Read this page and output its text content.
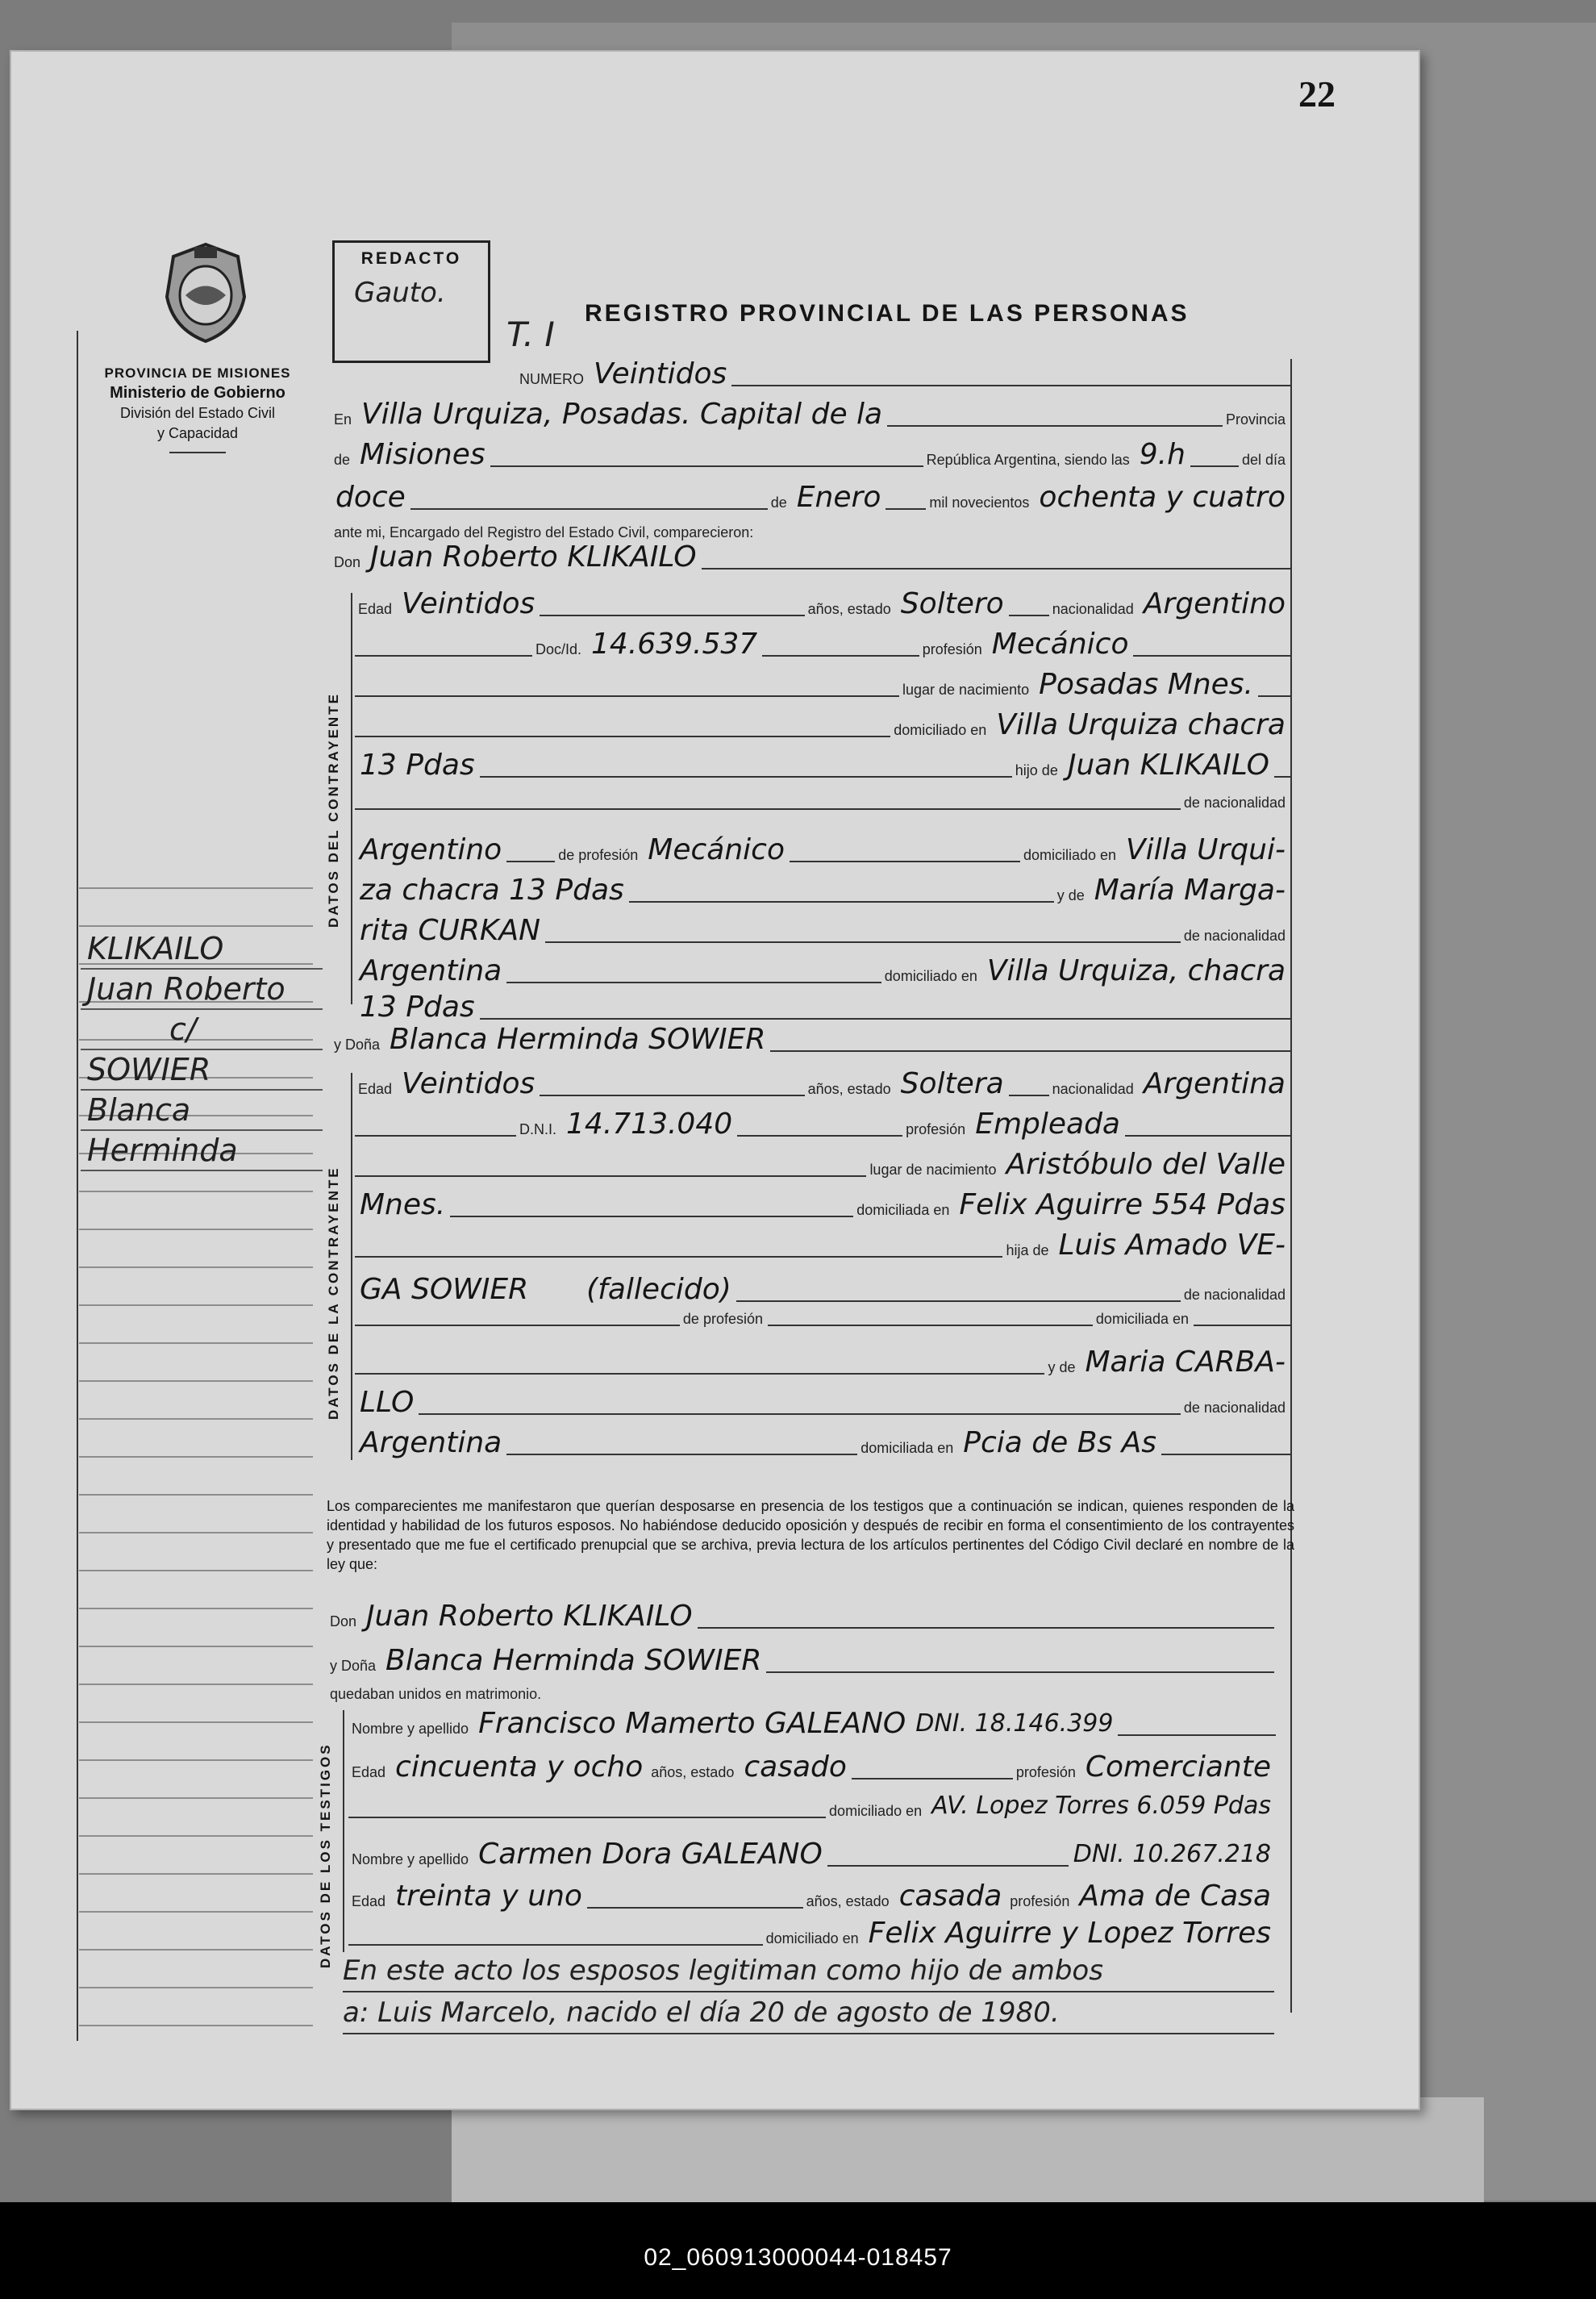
22
PROVINCIA DE MISIONES
Ministerio de Gobierno
División del Estado Civil
y Capacidad
REDACTO
Gauto.
T. I
REGISTRO PROVINCIAL DE LAS PERSONAS
KLIKAILO
Juan Roberto
c/
SOWIER
Blanca
Herminda
NUMERO Veintidos
En Villa Urquiza, Posadas. Capital de la	Provincia
de Misiones	República Argentina, siendo las 9.h	del día
doce	de Enero	mil novecientos ochenta y cuatro
ante mi, Encargado del Registro del Estado Civil, comparecieron:
Don Juan Roberto KLIKAILO
DATOS DEL CONTRAYENTE
Edad Veintidos	años, estado Soltero	nacionalidad Argentino
Doc/Id. 14.639.537	profesión Mecánico
lugar de nacimiento Posadas Mnes.
domiciliado en Villa Urquiza chacra
13 Pdas	hijo de Juan KLIKAILO
de nacionalidad
Argentino	de profesión Mecánico	domiciliado en Villa Urqui-
za chacra 13 Pdas	y de María Marga-
rita CURKAN	de nacionalidad
Argentina	domiciliado en Villa Urquiza, chacra
13 Pdas
y Doña Blanca Herminda SOWIER
DATOS DE LA CONTRAYENTE
Edad Veintidos	años, estado Soltera	nacionalidad Argentina
D.N.I. 14.713.040	profesión Empleada
lugar de nacimiento Aristóbulo del Valle
Mnes.	domiciliada en Felix Aguirre 554 Pdas
hija de Luis Amado VE-
GA SOWIER (fallecido)	de nacionalidad
de profesión	domiciliada en
y de Maria CARBA-
LLO	de nacionalidad
Argentina	domiciliada en Pcia de Bs As
Los comparecientes me manifestaron que querían desposarse en presencia de los testigos que a continuación se indican, quienes responden de la identidad y habilidad de los futuros esposos. No habiéndose deducido oposición y después de recibir en forma el consentimiento de los contrayentes y presentado que me fue el certificado prenupcial que se archiva, previa lectura de los artículos pertinentes del Código Civil declaré en nombre de la ley que:
Don Juan Roberto KLIKAILO
y Doña Blanca Herminda SOWIER
quedaban unidos en matrimonio.
DATOS DE LOS TESTIGOS
Nombre y apellido Francisco Mamerto GALEANO DNI. 18.146.399
Edad cincuenta y ocho años, estado casado	profesión Comerciante
domiciliado en AV. Lopez Torres 6.059 Pdas
Nombre y apellido Carmen Dora GALEANO	DNI. 10.267.218
Edad treinta y uno	años, estado casada profesión Ama de Casa
domiciliado en Felix Aguirre y Lopez Torres
En este acto los esposos legitiman como hijo de ambos
a: Luis Marcelo, nacido el día 20 de agosto de 1980.
02_060913000044-018457
